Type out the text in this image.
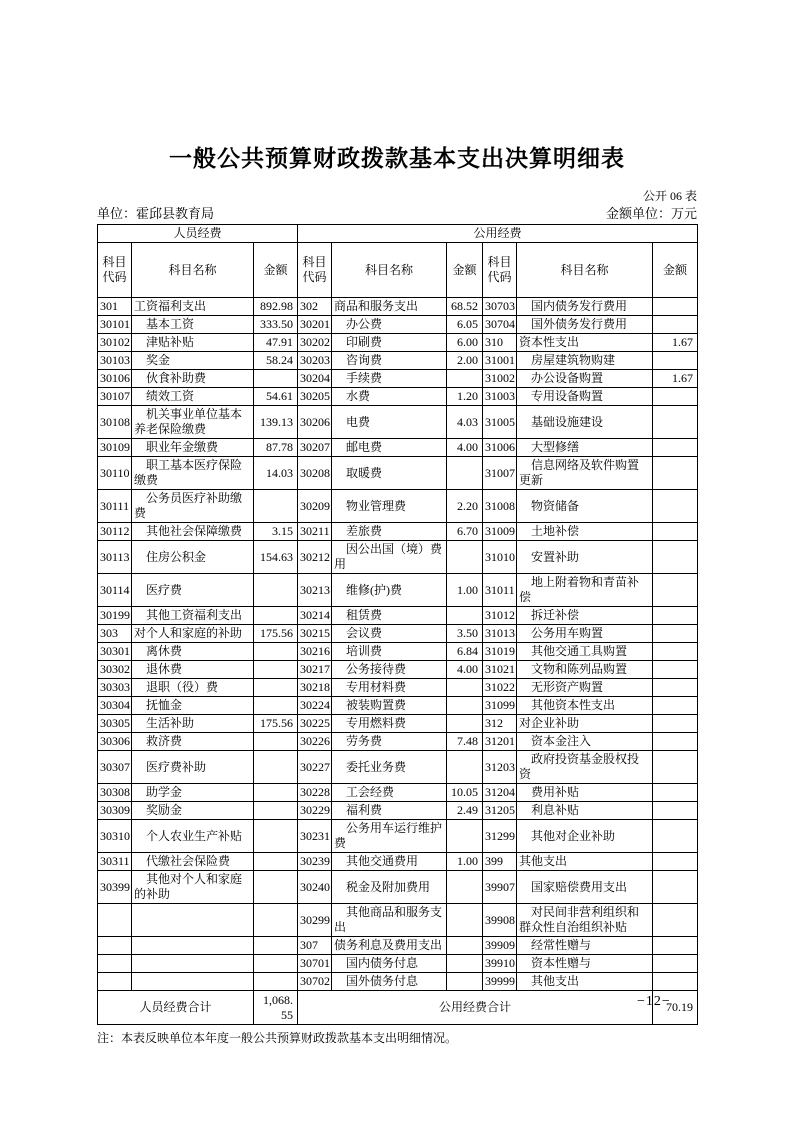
一般公共预算财政拨款基本支出决算明细表
公开 06 表
单位：霍邱县教育局	金额单位：万元
人员经费			公用经费					
科目代码	科目名称	金额	科目代码	科目名称	金额	科目代码	科目名称	金额
301	工资福利支出	892.98	302	商品和服务支出	68.52	30703	国内债务发行费用	
30101	基本工资	333.50	30201	办公费	6.05	30704	国外债务发行费用	
30102	津贴补贴	47.91	30202	印刷费	6.00	310	资本性支出	1.67
30103	奖金	58.24	30203	咨询费	2.00	31001	房屋建筑物购建	
30106	伙食补助费		30204	手续费		31002	办公设备购置	1.67
30107	绩效工资	54.61	30205	水费	1.20	31003	专用设备购置	
30108	机关事业单位基本养老保险缴费	139.13	30206	电费	4.03	31005	基础设施建设	
30109	职业年金缴费	87.78	30207	邮电费	4.00	31006	大型修缮	
30110	职工基本医疗保险缴费	14.03	30208	取暖费		31007	信息网络及软件购置更新	
30111	公务员医疗补助缴费		30209	物业管理费	2.20	31008	物资储备	
30112	其他社会保障缴费	3.15	30211	差旅费	6.70	31009	土地补偿	
30113	住房公积金	154.63	30212	因公出国（境）费用		31010	安置补助	
30114	医疗费		30213	维修(护)费	1.00	31011	地上附着物和青苗补偿	
30199	其他工资福利支出		30214	租赁费		31012	拆迁补偿	
303	对个人和家庭的补助	175.56	30215	会议费	3.50	31013	公务用车购置	
30301	离休费		30216	培训费	6.84	31019	其他交通工具购置	
30302	退休费		30217	公务接待费	4.00	31021	文物和陈列品购置	
30303	退职（役）费		30218	专用材料费		31022	无形资产购置	
30304	抚恤金		30224	被装购置费		31099	其他资本性支出	
30305	生活补助	175.56	30225	专用燃料费		312	对企业补助	
30306	救济费		30226	劳务费	7.48	31201	资本金注入	
30307	医疗费补助		30227	委托业务费		31203	政府投资基金股权投资	
30308	助学金		30228	工会经费	10.05	31204	费用补贴	
30309	奖励金		30229	福利费	2.49	31205	利息补贴	
30310	个人农业生产补贴		30231	公务用车运行维护费		31299	其他对企业补助	
30311	代缴社会保险费		30239	其他交通费用	1.00	399	其他支出	
30399	其他对个人和家庭的补助		30240	税金及附加费用		39907	国家赔偿费用支出	
			30299	其他商品和服务支出		39908	对民间非营利组织和群众性自治组织补贴	
			307	债务利息及费用支出		39909	经常性赠与	
			30701	国内债务付息		39910	资本性赠与	
			30702	国外债务付息		39999	其他支出	
人员经费合计		1,068.55	公用经费合计					70.19
注：本表反映单位本年度一般公共预算财政拨款基本支出明细情况。
−12−
